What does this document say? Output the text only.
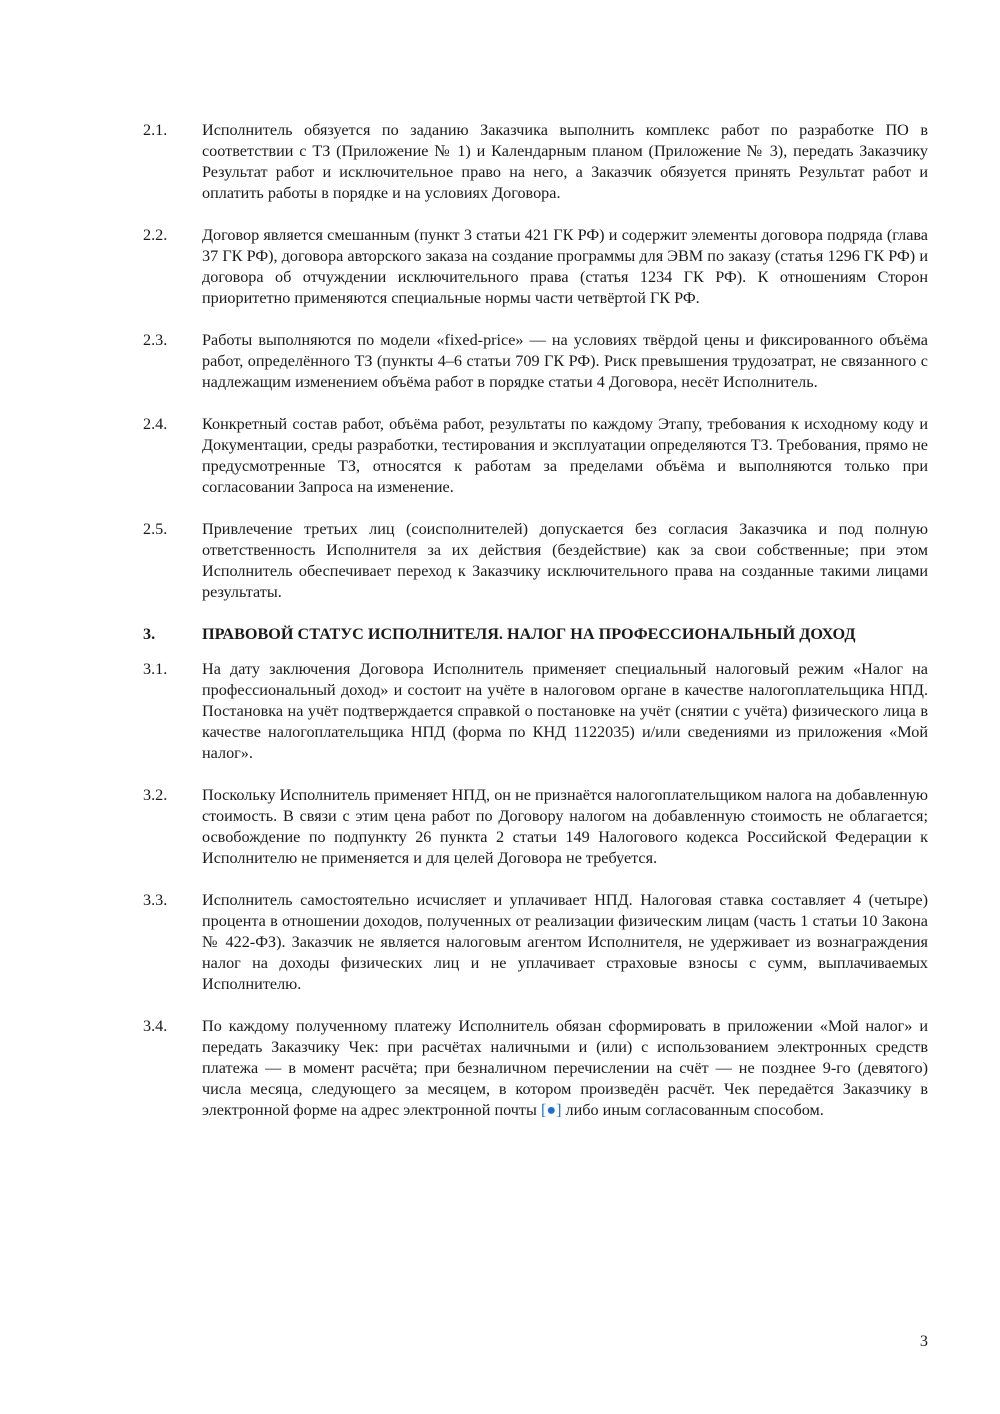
2.1.	Исполнитель обязуется по заданию Заказчика выполнить комплекс работ по разработке ПО в соответствии с ТЗ (Приложение № 1) и Календарным планом (Приложение № 3), передать Заказчику Результат работ и исключительное право на него, а Заказчик обязуется принять Результат работ и оплатить работы в порядке и на условиях Договора.
2.2.	Договор является смешанным (пункт 3 статьи 421 ГК РФ) и содержит элементы договора подряда (глава 37 ГК РФ), договора авторского заказа на создание программы для ЭВМ по заказу (статья 1296 ГК РФ) и договора об отчуждении исключительного права (статья 1234 ГК РФ). К отношениям Сторон приоритетно применяются специальные нормы части четвёртой ГК РФ.
2.3.	Работы выполняются по модели «fixed-price» — на условиях твёрдой цены и фиксированного объёма работ, определённого ТЗ (пункты 4–6 статьи 709 ГК РФ). Риск превышения трудозатрат, не связанного с надлежащим изменением объёма работ в порядке статьи 4 Договора, несёт Исполнитель.
2.4.	Конкретный состав работ, объёма работ, результаты по каждому Этапу, требования к исходному коду и Документации, среды разработки, тестирования и эксплуатации определяются ТЗ. Требования, прямо не предусмотренные ТЗ, относятся к работам за пределами объёма и выполняются только при согласовании Запроса на изменение.
2.5.	Привлечение третьих лиц (соисполнителей) допускается без согласия Заказчика и под полную ответственность Исполнителя за их действия (бездействие) как за свои собственные; при этом Исполнитель обеспечивает переход к Заказчику исключительного права на созданные такими лицами результаты.
3.	ПРАВОВОЙ СТАТУС ИСПОЛНИТЕЛЯ. НАЛОГ НА ПРОФЕССИОНАЛЬНЫЙ ДОХОД
3.1.	На дату заключения Договора Исполнитель применяет специальный налоговый режим «Налог на профессиональный доход» и состоит на учёте в налоговом органе в качестве налогоплательщика НПД. Постановка на учёт подтверждается справкой о постановке на учёт (снятии с учёта) физического лица в качестве налогоплательщика НПД (форма по КНД 1122035) и/или сведениями из приложения «Мой налог».
3.2.	Поскольку Исполнитель применяет НПД, он не признаётся налогоплательщиком налога на добавленную стоимость. В связи с этим цена работ по Договору налогом на добавленную стоимость не облагается; освобождение по подпункту 26 пункта 2 статьи 149 Налогового кодекса Российской Федерации к Исполнителю не применяется и для целей Договора не требуется.
3.3.	Исполнитель самостоятельно исчисляет и уплачивает НПД. Налоговая ставка составляет 4 (четыре) процента в отношении доходов, полученных от реализации физическим лицам (часть 1 статьи 10 Закона № 422-ФЗ). Заказчик не является налоговым агентом Исполнителя, не удерживает из вознаграждения налог на доходы физических лиц и не уплачивает страховые взносы с сумм, выплачиваемых Исполнителю.
3.4.	По каждому полученному платежу Исполнитель обязан сформировать в приложении «Мой налог» и передать Заказчику Чек: при расчётах наличными и (или) с использованием электронных средств платежа — в момент расчёта; при безналичном перечислении на счёт — не позднее 9-го (девятого) числа месяца, следующего за месяцем, в котором произведён расчёт. Чек передаётся Заказчику в электронной форме на адрес электронной почты [●] либо иным согласованным способом.
3
